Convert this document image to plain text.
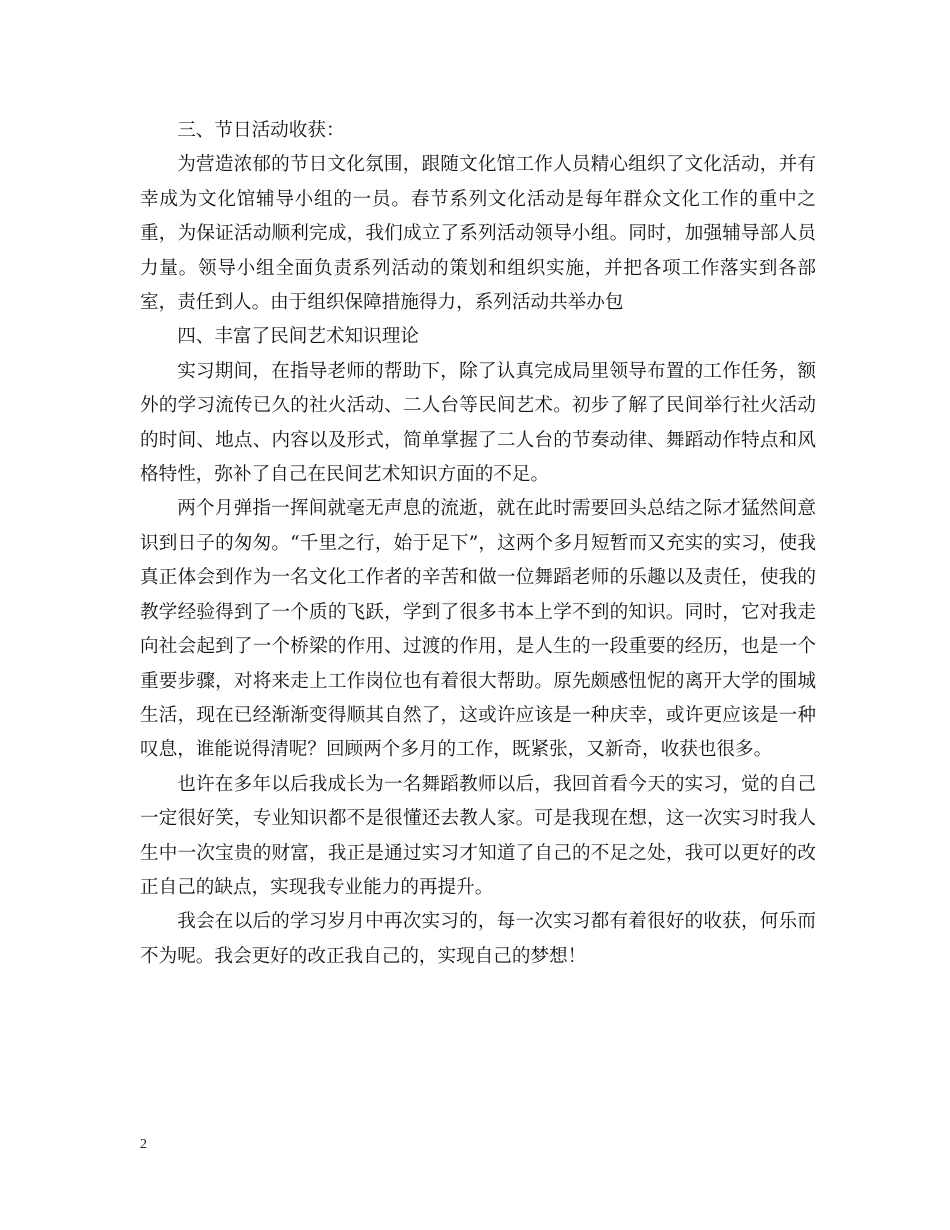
三、节日活动收获：

为营造浓郁的节日文化氛围，跟随文化馆工作人员精心组织了文化活动，并有幸成为文化馆辅导小组的一员。春节系列文化活动是每年群众文化工作的重中之重，为保证活动顺利完成，我们成立了系列活动领导小组。同时，加强辅导部人员力量。领导小组全面负责系列活动的策划和组织实施，并把各项工作落实到各部室，责任到人。由于组织保障措施得力，系列活动共举办包

四、丰富了民间艺术知识理论

实习期间，在指导老师的帮助下，除了认真完成局里领导布置的工作任务，额外的学习流传已久的社火活动、二人台等民间艺术。初步了解了民间举行社火活动的时间、地点、内容以及形式，简单掌握了二人台的节奏动律、舞蹈动作特点和风格特性，弥补了自己在民间艺术知识方面的不足。

两个月弹指一挥间就毫无声息的流逝，就在此时需要回头总结之际才猛然间意识到日子的匆匆。“千里之行，始于足下”，这两个多月短暂而又充实的实习，使我真正体会到作为一名文化工作者的辛苦和做一位舞蹈老师的乐趣以及责任，使我的教学经验得到了一个质的飞跃，学到了很多书本上学不到的知识。同时，它对我走向社会起到了一个桥梁的作用、过渡的作用，是人生的一段重要的经历，也是一个重要步骤，对将来走上工作岗位也有着很大帮助。原先颇感忸怩的离开大学的围城生活，现在已经渐渐变得顺其自然了，这或许应该是一种庆幸，或许更应该是一种叹息，谁能说得清呢？回顾两个多月的工作，既紧张，又新奇，收获也很多。

也许在多年以后我成长为一名舞蹈教师以后，我回首看今天的实习，觉的自己一定很好笑，专业知识都不是很懂还去教人家。可是我现在想，这一次实习时我人生中一次宝贵的财富，我正是通过实习才知道了自己的不足之处，我可以更好的改正自己的缺点，实现我专业能力的再提升。

我会在以后的学习岁月中再次实习的，每一次实习都有着很好的收获，何乐而不为呢。我会更好的改正我自己的，实现自己的梦想！

2
